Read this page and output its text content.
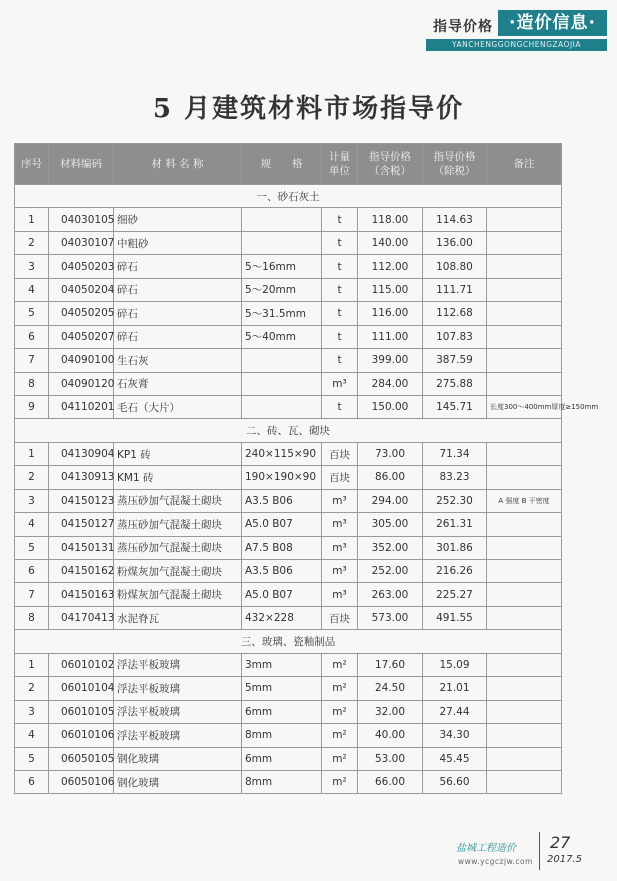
指导价格 ·造价信息·
YANCHENGGONGCHENGZAOJIA
5 月建筑材料市场指导价
序号	材料编码	材 料 名 称	规　　格	计量单位	指导价格（含税）	指导价格（除税）	备注
一、砂石灰土							
1	04030105	细砂		t	118.00	114.63	
2	04030107	中粗砂		t	140.00	136.00	
3	04050203	碎石	5～16mm	t	112.00	108.80	
4	04050204	碎石	5～20mm	t	115.00	111.71	
5	04050205	碎石	5～31.5mm	t	116.00	112.68	
6	04050207	碎石	5～40mm	t	111.00	107.83	
7	04090100	生石灰		t	399.00	387.59	
8	04090120	石灰膏		m³	284.00	275.88	
9	04110201	毛石（大片）		t	150.00	145.71	长度300～400mm厚度≥150mm
二、砖、瓦、砌块							
1	04130904	KP1 砖	240×115×90	百块	73.00	71.34	
2	04130913	KM1 砖	190×190×90	百块	86.00	83.23	
3	04150123	蒸压砂加气混凝土砌块	A3.5 B06	m³	294.00	252.30	A 强度 B 干密度
4	04150127	蒸压砂加气混凝土砌块	A5.0 B07	m³	305.00	261.31	
5	04150131	蒸压砂加气混凝土砌块	A7.5 B08	m³	352.00	301.86	
6	04150162	粉煤灰加气混凝土砌块	A3.5 B06	m³	252.00	216.26	
7	04150163	粉煤灰加气混凝土砌块	A5.0 B07	m³	263.00	225.27	
8	04170413	水泥脊瓦	432×228	百块	573.00	491.55	
三、玻璃、瓷釉制品							
1	06010102	浮法平板玻璃	3mm	m²	17.60	15.09	
2	06010104	浮法平板玻璃	5mm	m²	24.50	21.01	
3	06010105	浮法平板玻璃	6mm	m²	32.00	27.44	
4	06010106	浮法平板玻璃	8mm	m²	40.00	34.30	
5	06050105	钢化玻璃	6mm	m²	53.00	45.45	
6	06050106	钢化玻璃	8mm	m²	66.00	56.60	
盐城工程造价
www.ycgczjw.com
27
2017.5
